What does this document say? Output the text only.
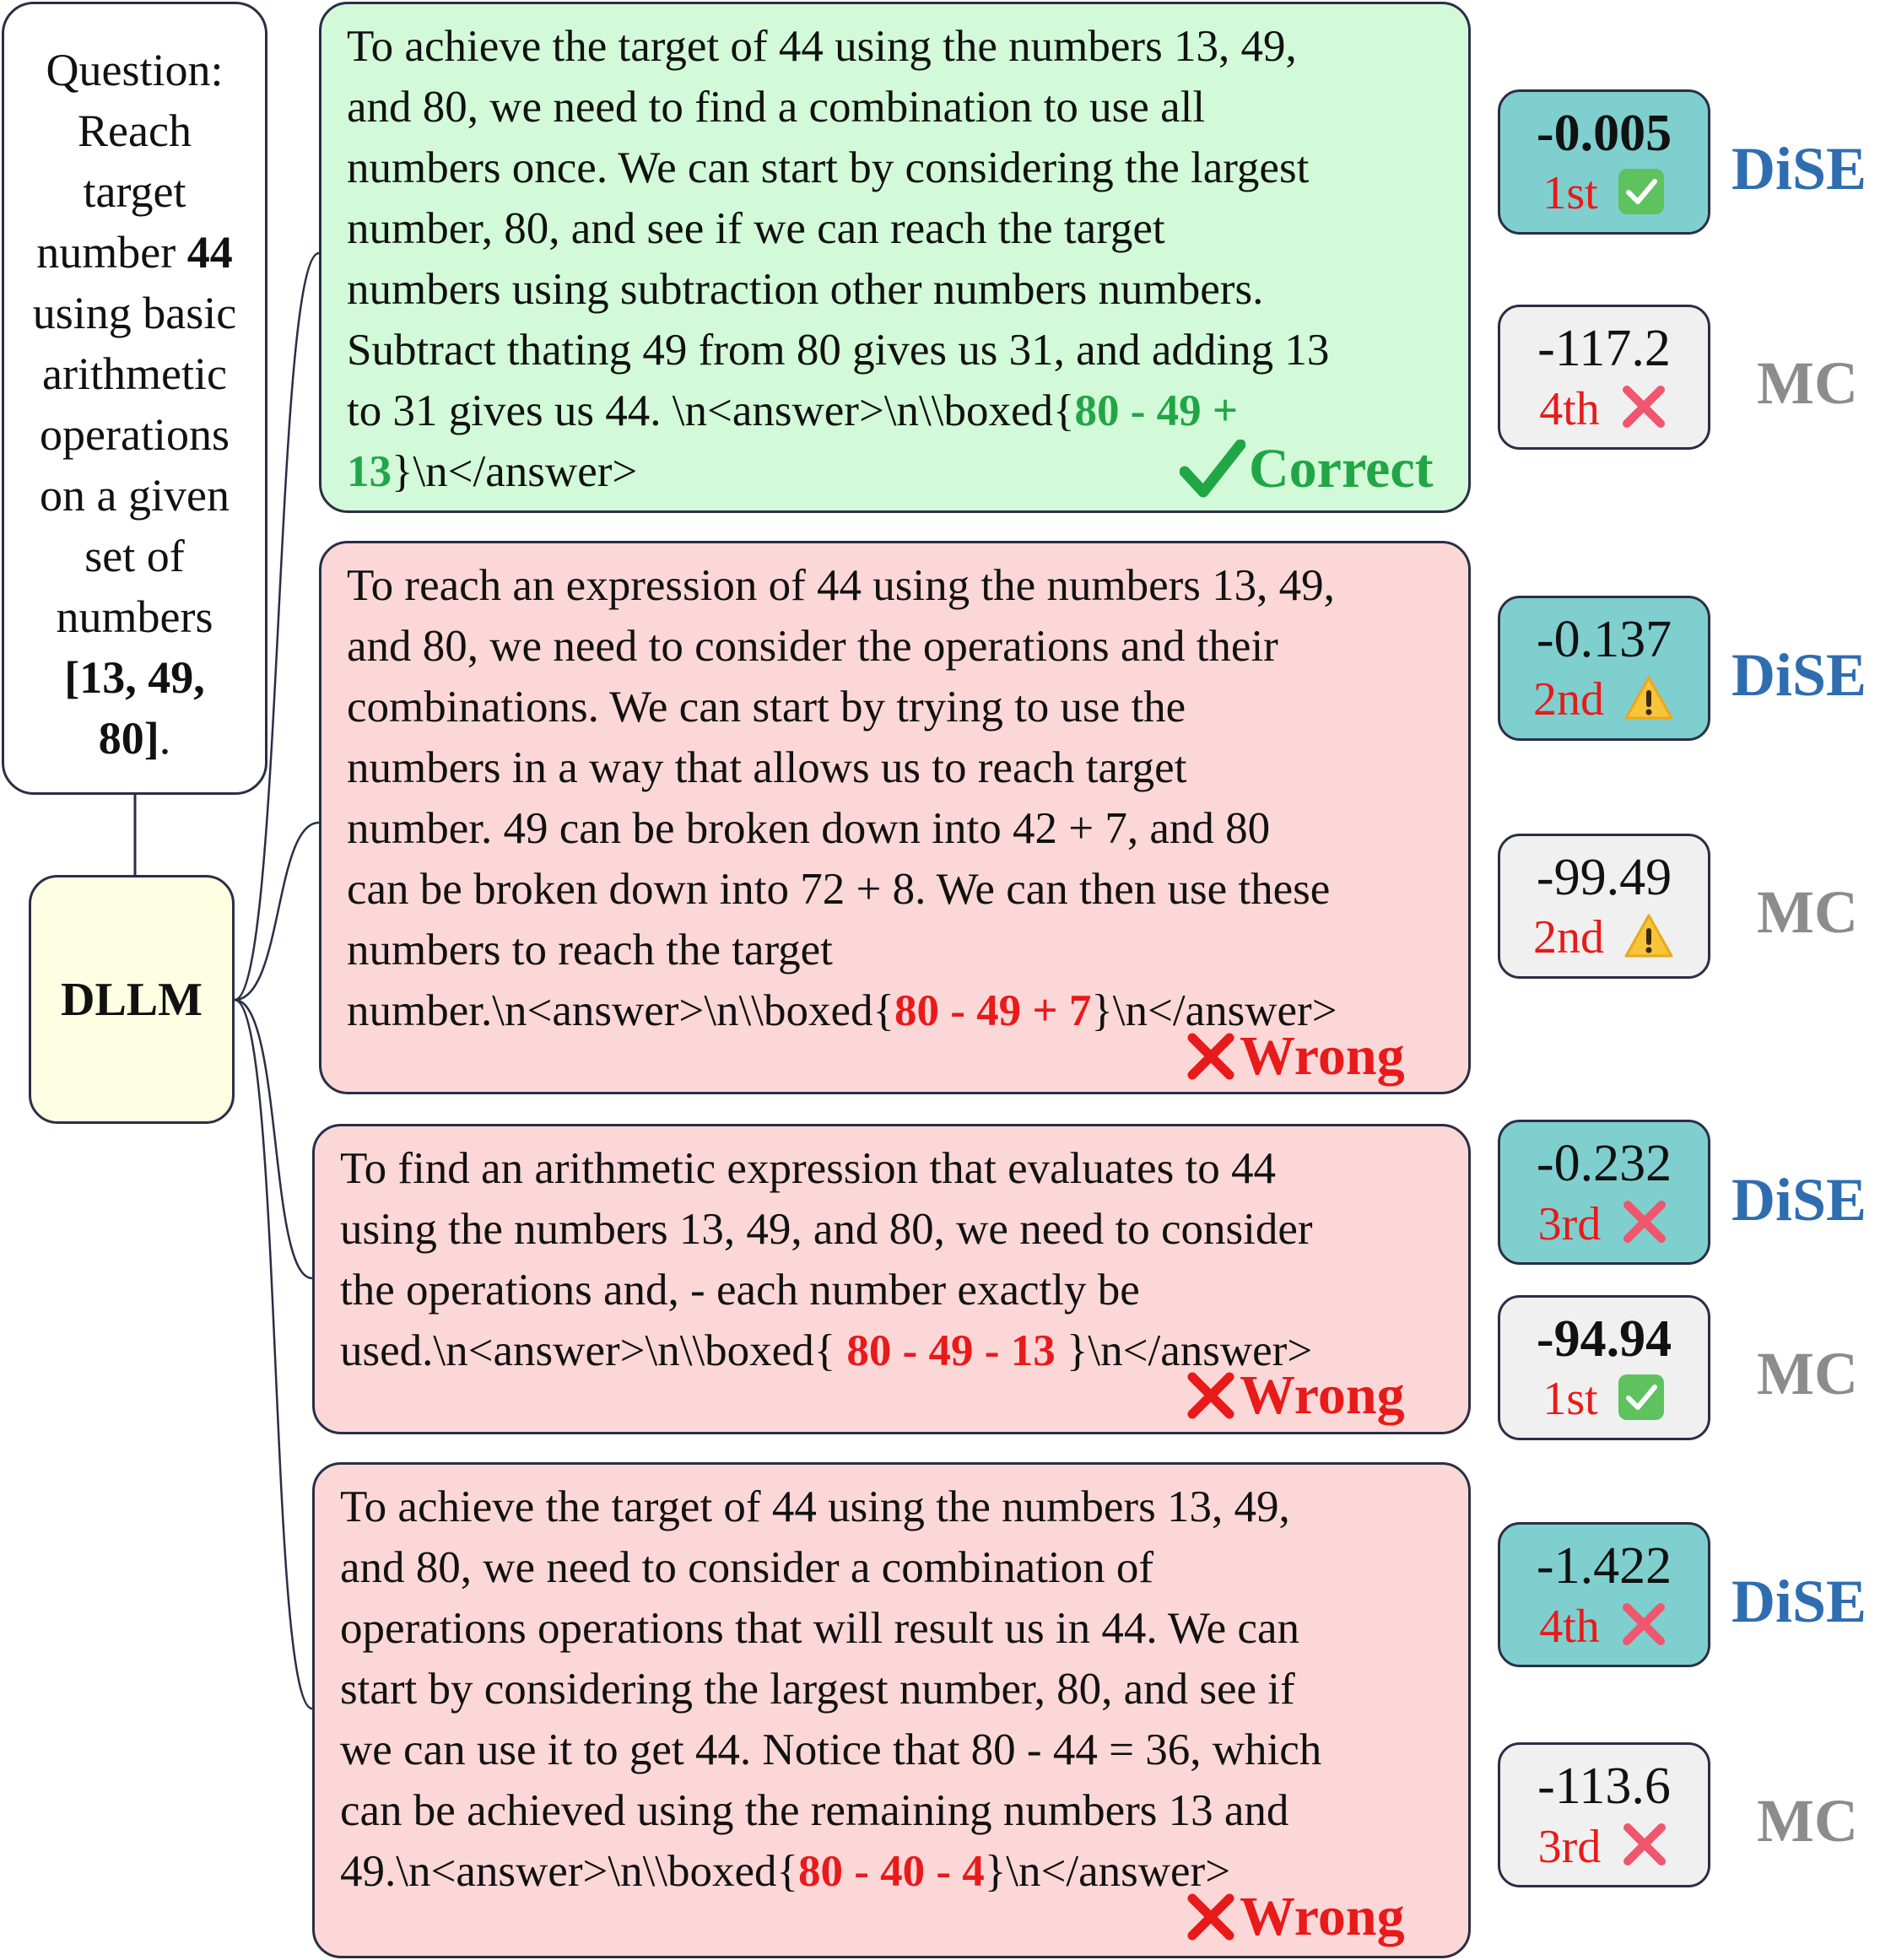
Question:
Reach
target
number 44
using basic
arithmetic
operations
on a given
set of
numbers
[13, 49,
80].
DLLM
To achieve the target of 44 using the numbers 13, 49,
and 80, we need to find a combination to use all
numbers once. We can start by considering the largest
number, 80, and see if we can reach the target
numbers using subtraction other numbers numbers.
Subtract thating 49 from 80 gives us 31, and adding 13
to 31 gives us 44. \n<answer>\n\\boxed{80 - 49 +
13}\n</answer>	Correct
To reach an expression of 44 using the numbers 13, 49,
and 80, we need to consider the operations and their
combinations. We can start by trying to use the
numbers in a way that allows us to reach target
number. 49 can be broken down into 42 + 7, and 80
can be broken down into 72 + 8. We can then use these
numbers to reach the target
number.\n<answer>\n\\boxed{80 - 49 + 7}\n</answer>
Wrong
To find an arithmetic expression that evaluates to 44
using the numbers 13, 49, and 80, we need to consider
the operations and, - each number exactly be
used.\n<answer>\n\\boxed{ 80 - 49 - 13 }\n</answer>
Wrong
To achieve the target of 44 using the numbers 13, 49,
and 80, we need to consider a combination of
operations operations that will result us in 44. We can
start by considering the largest number, 80, and see if
we can use it to get 44. Notice that 80 - 44 = 36, which
can be achieved using the remaining numbers 13 and
49.\n<answer>\n\\boxed{80 - 40 - 4}\n</answer>
Wrong
-0.005
1st DiSE
-117.2
4th	MC
-0.137
2nd DiSE
-99.49
2nd	MC
-0.232
3rd DiSE
-94.94
1st	MC
-1.422
4th DiSE
-113.6
3rd	MC
